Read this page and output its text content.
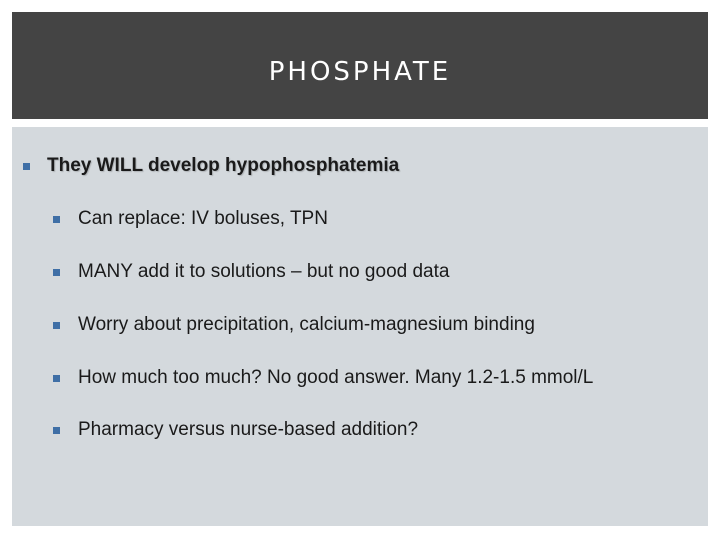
PHOSPHATE
They WILL develop hypophosphatemia
Can replace: IV boluses, TPN
MANY add it to solutions – but no good data
Worry about precipitation, calcium-magnesium binding
How much too much? No good answer. Many 1.2-1.5 mmol/L
Pharmacy versus nurse-based addition?
